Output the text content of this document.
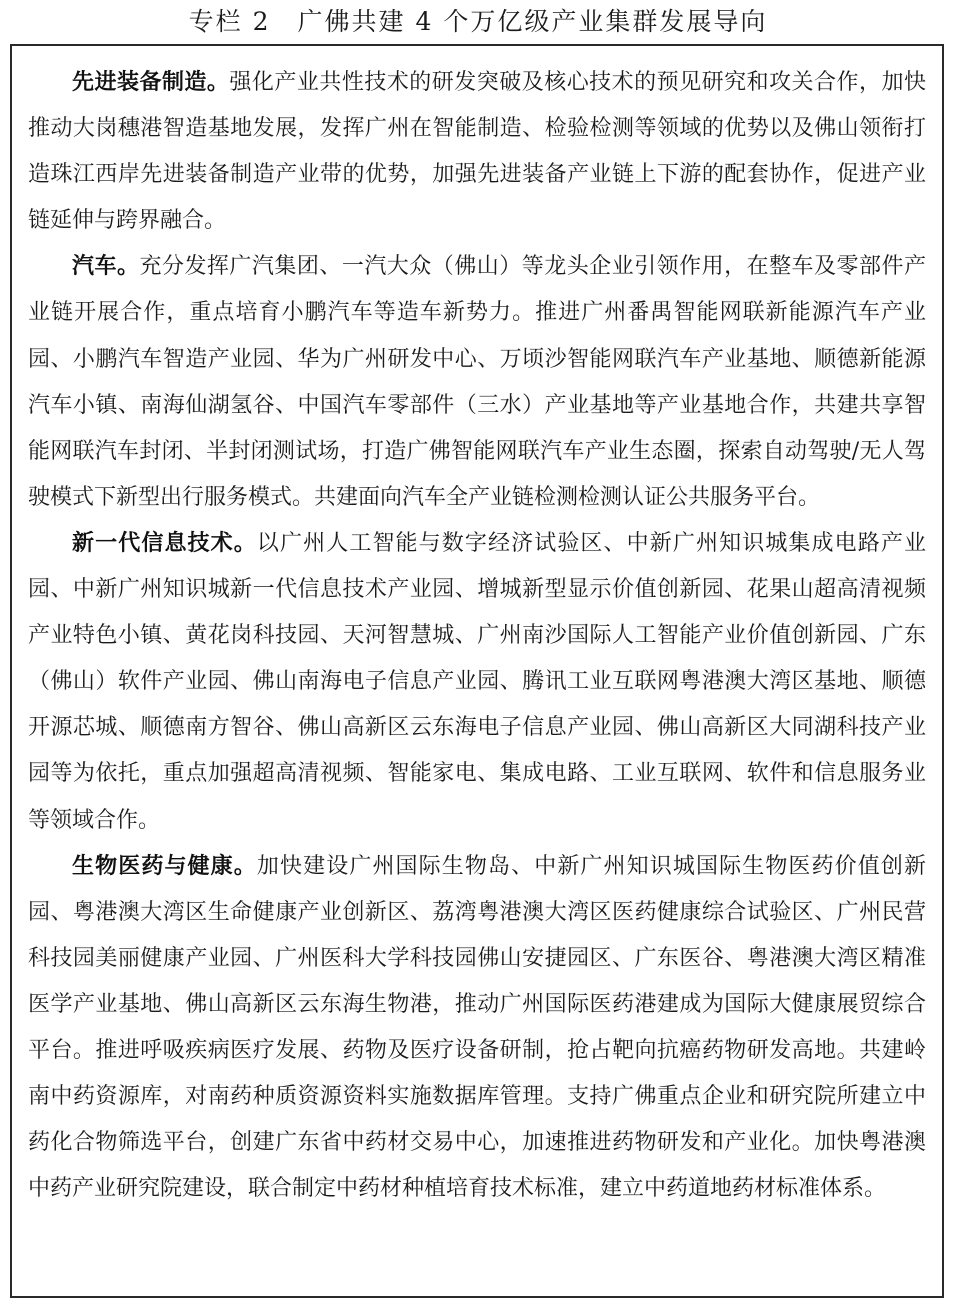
专栏 2　广佛共建 4 个万亿级产业集群发展导向

先进装备制造。强化产业共性技术的研发突破及核心技术的预见研究和攻关合作，加快推动大岗穗港智造基地发展，发挥广州在智能制造、检验检测等领域的优势以及佛山领衔打造珠江西岸先进装备制造产业带的优势，加强先进装备产业链上下游的配套协作，促进产业链延伸与跨界融合。

汽车。充分发挥广汽集团、一汽大众（佛山）等龙头企业引领作用，在整车及零部件产业链开展合作，重点培育小鹏汽车等造车新势力。推进广州番禺智能网联新能源汽车产业园、小鹏汽车智造产业园、华为广州研发中心、万顷沙智能网联汽车产业基地、顺德新能源汽车小镇、南海仙湖氢谷、中国汽车零部件（三水）产业基地等产业基地合作，共建共享智能网联汽车封闭、半封闭测试场，打造广佛智能网联汽车产业生态圈，探索自动驾驶/无人驾驶模式下新型出行服务模式。共建面向汽车全产业链检测检测认证公共服务平台。

新一代信息技术。以广州人工智能与数字经济试验区、中新广州知识城集成电路产业园、中新广州知识城新一代信息技术产业园、增城新型显示价值创新园、花果山超高清视频产业特色小镇、黄花岗科技园、天河智慧城、广州南沙国际人工智能产业价值创新园、广东（佛山）软件产业园、佛山南海电子信息产业园、腾讯工业互联网粤港澳大湾区基地、顺德开源芯城、顺德南方智谷、佛山高新区云东海电子信息产业园、佛山高新区大同湖科技产业园等为依托，重点加强超高清视频、智能家电、集成电路、工业互联网、软件和信息服务业等领域合作。

生物医药与健康。加快建设广州国际生物岛、中新广州知识城国际生物医药价值创新园、粤港澳大湾区生命健康产业创新区、荔湾粤港澳大湾区医药健康综合试验区、广州民营科技园美丽健康产业园、广州医科大学科技园佛山安捷园区、广东医谷、粤港澳大湾区精准医学产业基地、佛山高新区云东海生物港，推动广州国际医药港建成为国际大健康展贸综合平台。推进呼吸疾病医疗发展、药物及医疗设备研制，抢占靶向抗癌药物研发高地。共建岭南中药资源库，对南药种质资源资料实施数据库管理。支持广佛重点企业和研究院所建立中药化合物筛选平台，创建广东省中药材交易中心，加速推进药物研发和产业化。加快粤港澳中药产业研究院建设，联合制定中药材种植培育技术标准，建立中药道地药材标准体系。
